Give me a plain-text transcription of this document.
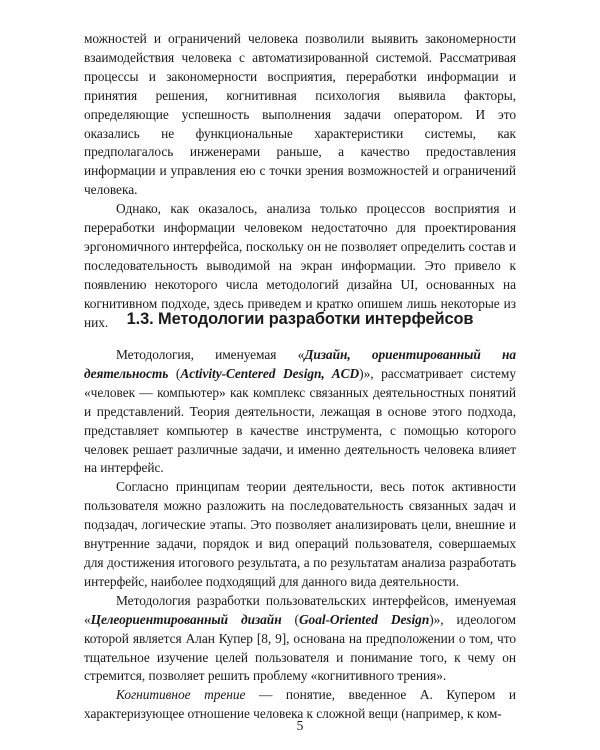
можностей и ограничений человека позволили выявить закономерности взаимодействия человека с автоматизированной системой. Рассматривая процессы и закономерности восприятия, переработки информации и принятия решения, когнитивная психология выявила факторы, определяющие успешность выполнения задачи оператором. И это оказались не функциональные характеристики системы, как предполагалось инженерами раньше, а качество предоставления информации и управления ею с точки зрения возможностей и ограничений человека.

Однако, как оказалось, анализа только процессов восприятия и переработки информации человеком недостаточно для проектирования эргономичного интерфейса, поскольку он не позволяет определить состав и последовательность выводимой на экран информации. Это привело к появлению некоторого числа методологий дизайна UI, основанных на когнитивном подходе, здесь приведем и кратко опишем лишь некоторые из них.	1.3. Методологии разработки интерфейсов

Методология, именуемая «Дизайн, ориентированный на деятельность (Activity-Centered Design, ACD)», рассматривает систему «человек — компьютер» как комплекс связанных деятельностных понятий и представлений. Теория деятельности, лежащая в основе этого подхода, представляет компьютер в качестве инструмента, с помощью которого человек решает различные задачи, и именно деятельность человека влияет на интерфейс.

Согласно принципам теории деятельности, весь поток активности пользователя можно разложить на последовательность связанных задач и подзадач, логические этапы. Это позволяет анализировать цели, внешние и внутренние задачи, порядок и вид операций пользователя, совершаемых для достижения итогового результата, а по результатам анализа разработать интерфейс, наиболее подходящий для данного вида деятельности.

Методология разработки пользовательских интерфейсов, именуемая «Целеориентированный дизайн (Goal-Oriented Design)», идеологом которой является Алан Купер [8, 9], основана на предположении о том, что тщательное изучение целей пользователя и понимание того, к чему он стремится, позволяет решить проблему «когнитивного трения».

Когнитивное трение — понятие, введенное А. Купером и характеризующее отношение человека к сложной вещи (например, к ком-

5
